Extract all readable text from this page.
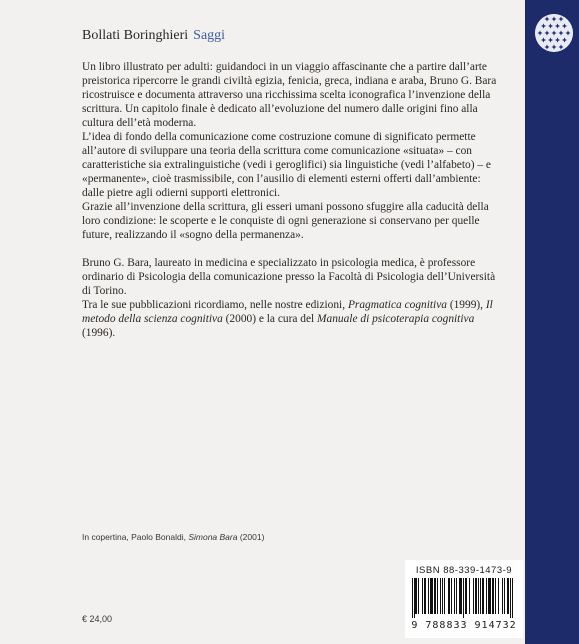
Bollati Boringhieri Saggi

Un libro illustrato per adulti: guidandoci in un viaggio affascinante che a partire dall’arte preistorica ripercorre le grandi civiltà egizia, fenicia, greca, indiana e araba, Bruno G. Bara ricostruisce e documenta attraverso una ricchissima scelta iconografica l’invenzione della scrittura. Un capitolo finale è dedicato all’evoluzione del numero dalle origini fino alla cultura dell’età moderna.

L’idea di fondo della comunicazione come costruzione comune di significato permette all’autore di sviluppare una teoria della scrittura come comunicazione «situata» – con caratteristiche sia extralinguistiche (vedi i geroglifici) sia linguistiche (vedi l’alfabeto) – e «permanente», cioè trasmissibile, con l’ausilio di elementi esterni offerti dall’ambiente: dalle pietre agli odierni supporti elettronici.

Grazie all’invenzione della scrittura, gli esseri umani possono sfuggire alla caducità della loro condizione: le scoperte e le conquiste di ogni generazione si conservano per quelle future, realizzando il «sogno della permanenza».

Bruno G. Bara, laureato in medicina e specializzato in psicologia medica, è professore ordinario di Psicologia della comunicazione presso la Facoltà di Psicologia dell’Università di Torino.

Tra le sue pubblicazioni ricordiamo, nelle nostre edizioni, Pragmatica cognitiva (1999), Il metodo della scienza cognitiva (2000) e la cura del Manuale di psicoterapia cognitiva (1996).

In copertina, Paolo Bonaldi, Simona Bara (2001)
€ 24,00
ISBN 88-339-1473-9
9 788833 914732
